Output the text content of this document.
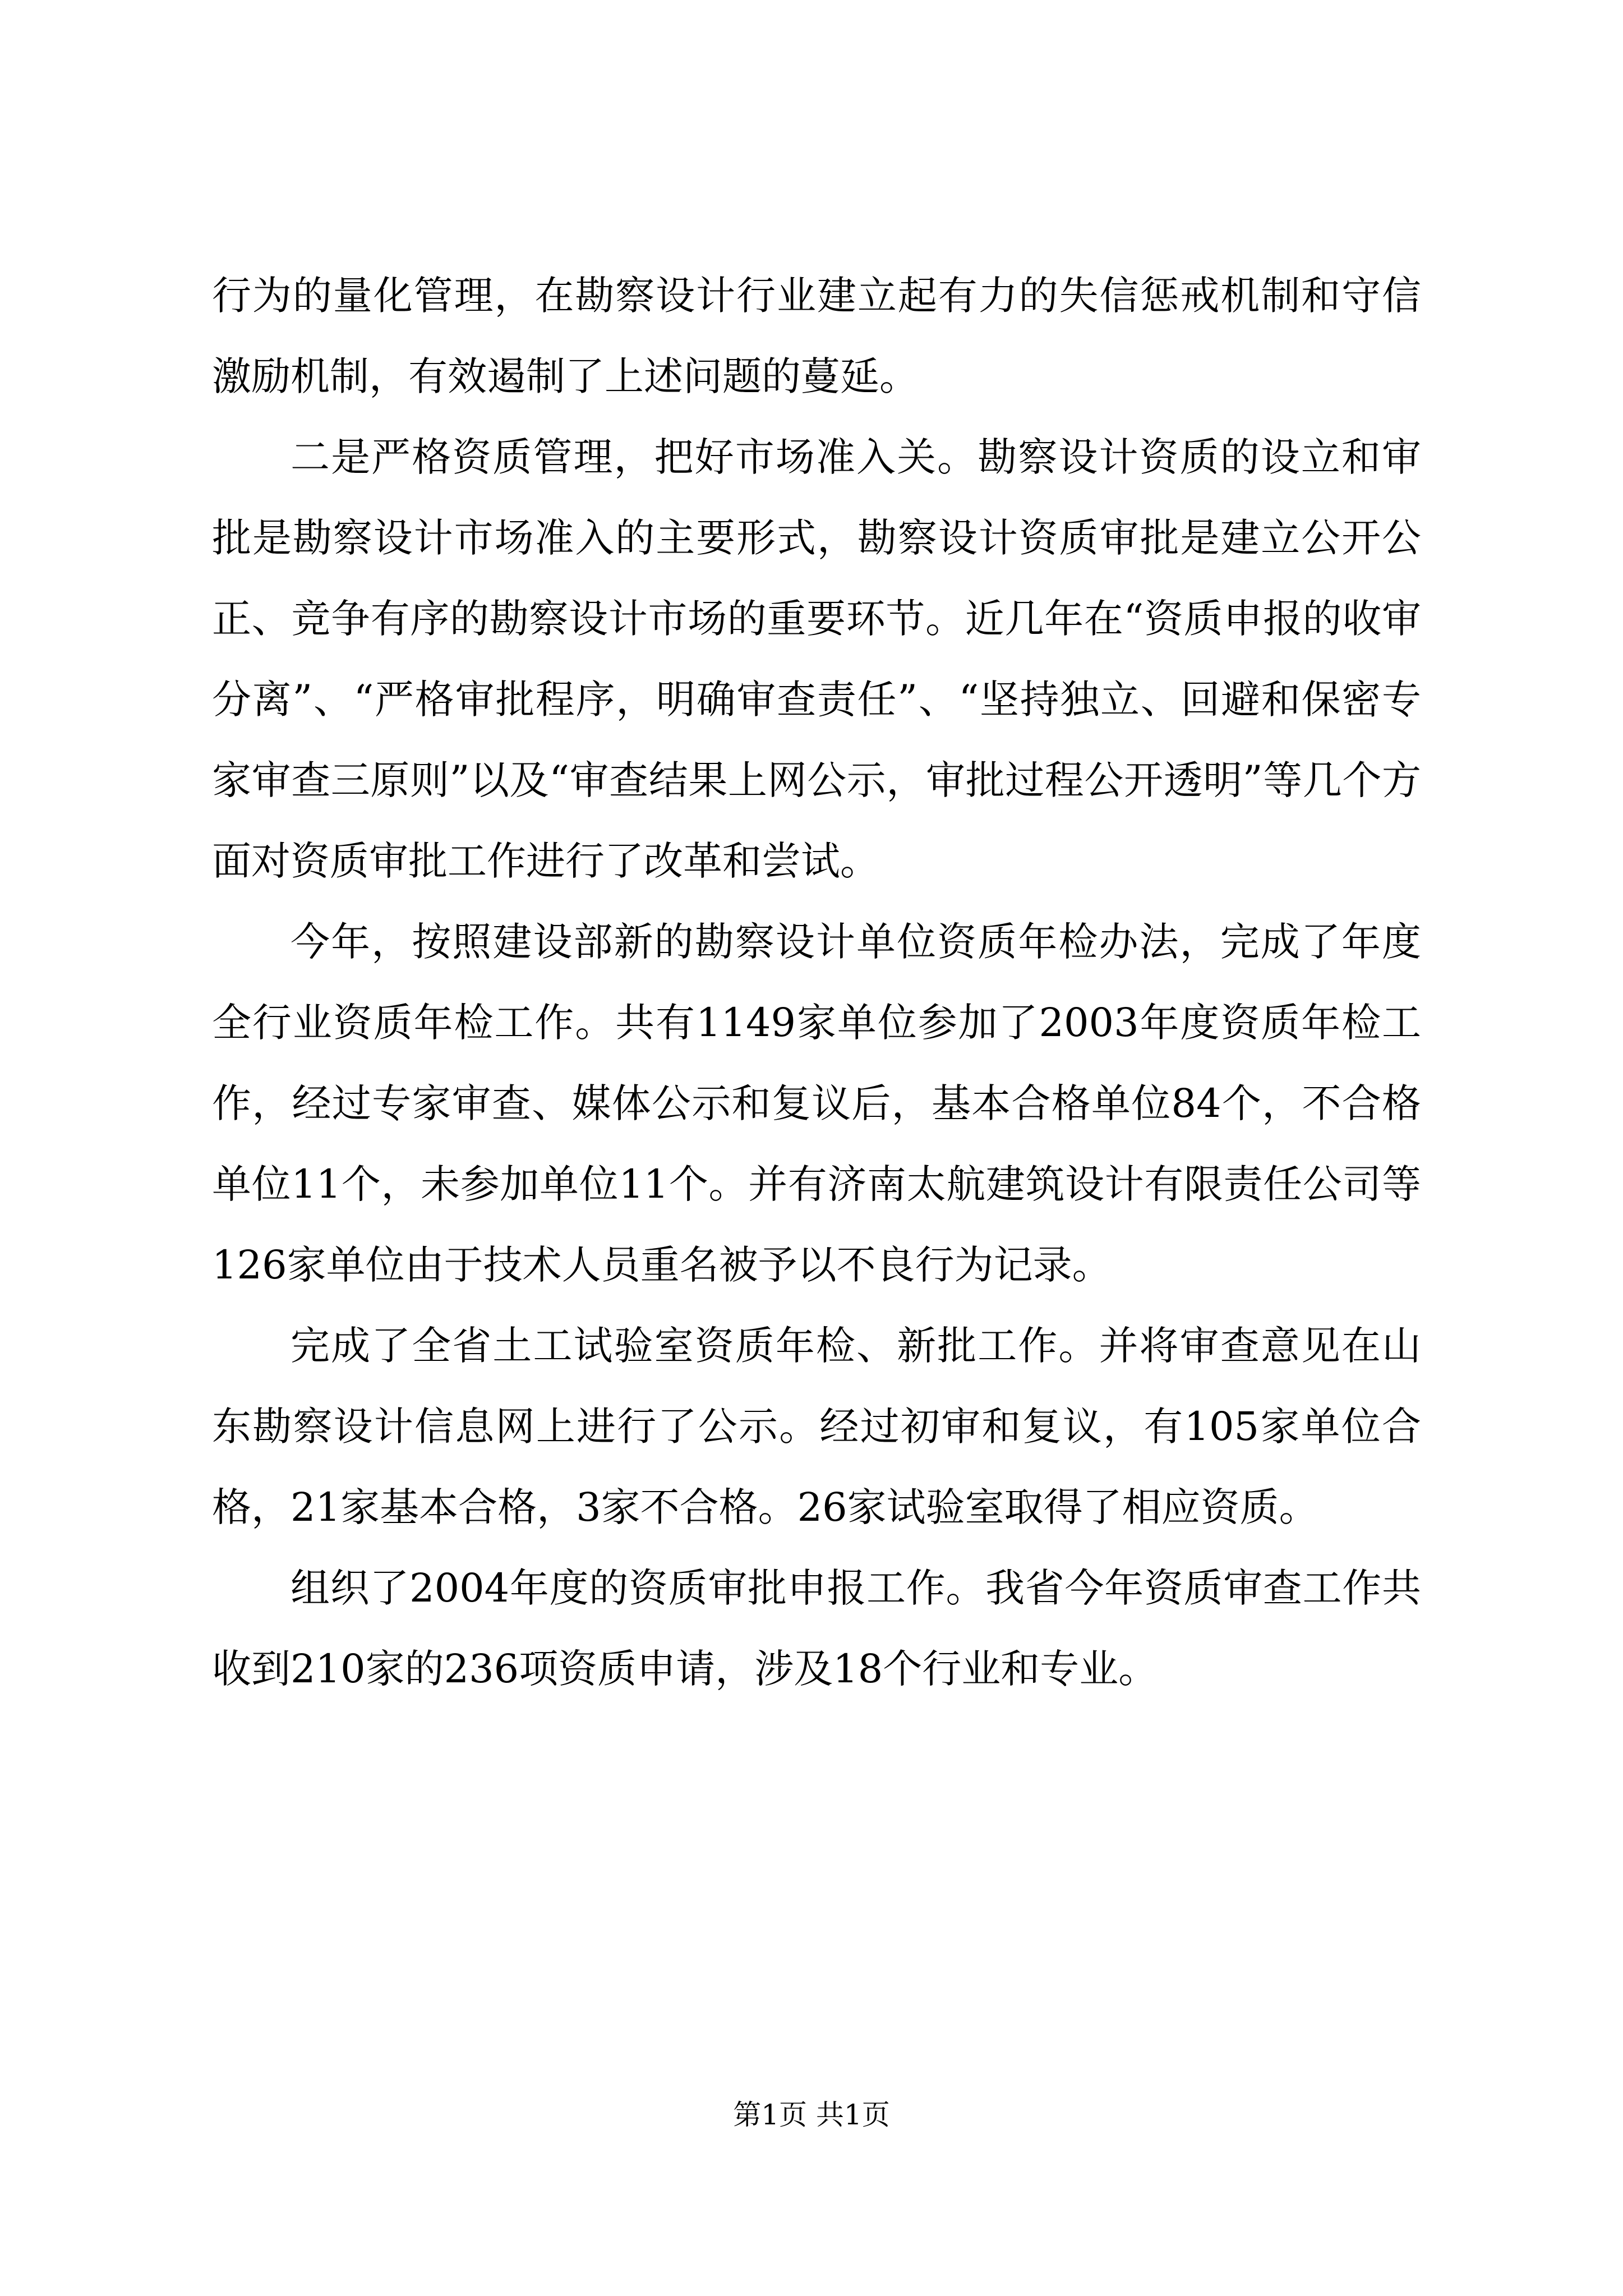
行为的量化管理，在勘察设计行业建立起有力的失信惩戒机制和守信激励机制，有效遏制了上述问题的蔓延。

二是严格资质管理，把好市场准入关。勘察设计资质的设立和审批是勘察设计市场准入的主要形式，勘察设计资质审批是建立公开公正、竞争有序的勘察设计市场的重要环节。近几年在“资质申报的收审分离”、“严格审批程序，明确审查责任”、“坚持独立、回避和保密专家审查三原则”以及“审查结果上网公示，审批过程公开透明”等几个方面对资质审批工作进行了改革和尝试。

今年，按照建设部新的勘察设计单位资质年检办法，完成了年度全行业资质年检工作。共有1149家单位参加了2003年度资质年检工作，经过专家审查、媒体公示和复议后，基本合格单位84个，不合格单位11个，未参加单位11个。并有济南太航建筑设计有限责任公司等126家单位由于技术人员重名被予以不良行为记录。

完成了全省土工试验室资质年检、新批工作。并将审查意见在山东勘察设计信息网上进行了公示。经过初审和复议，有105家单位合格，21家基本合格，3家不合格。26家试验室取得了相应资质。

组织了2004年度的资质审批申报工作。我省今年资质审查工作共收到210家的236项资质申请，涉及18个行业和专业。

第1页 共1页
